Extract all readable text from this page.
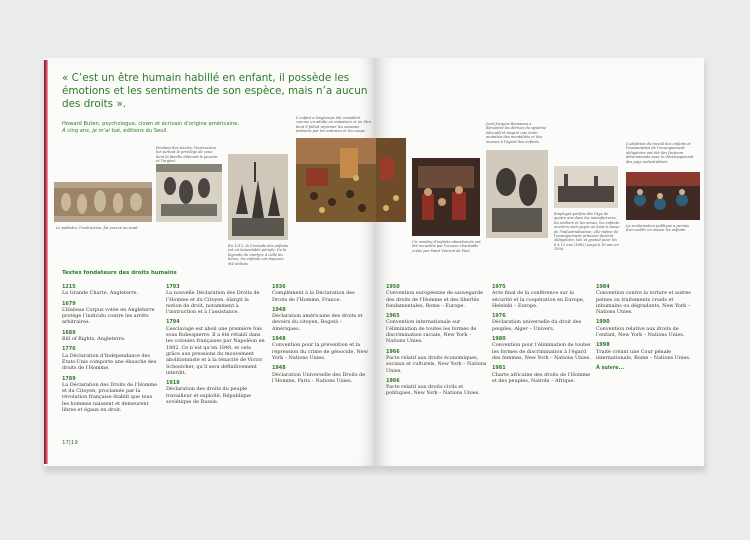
« C’est un être humain habillé en enfant, il possède les émotions et les sentiments de son espèce, mais n’a aucun des droits ».
Howard Buten, psychologue, clown et écrivain d’origine américaine.
À cinq ans, je m’ai tué, éditions du Seuil.
Le pédiatre, l'instruction, fut exercé au seuil.
Pendant des siècles, l'instruction fut surtout le privilège de ceux dont la famille détenait le pouvoir et l'argent.
En 1212, la Croisade des enfants est un lamentable périple. De la légende du martyre à celle du héros, les enfants ont toujours été utilisés.
L'enfant a longtemps été considéré comme un adulte en miniature et un être dont il fallait réprimer les mauvais instincts par les entraves et les coups.
Textes fondateurs des droits humains
1215
La Grande Charte, Angleterre.
1679
L’Habeas Corpus votée en Angleterre protège l’individu contre les arrêts arbitraires.
1689
Bill of Rights, Angleterre.
1776
La Déclaration d’Indépendance des États-Unis comporte une ébauche des droits de l’Homme.
1789
La Déclaration des Droits de l’Homme et du Citoyen, proclamée par la révolution française établit que tous les hommes naissent et demeurent libres et égaux en droit.
1793
La nouvelle Déclaration des Droits de l’Homme et du Citoyen, élargit la notion de droit, notamment à l’instruction et à l’assistance.
1794
L’esclavage est aboli une première fois sous Robespierre. Il a été rétabli dans les colonies françaises par Napoléon en 1802. Ce n’est qu’en 1848, et cela grâce aux pressions du mouvement abolitionniste et à la ténacité de Victor Schoelcher, qu’il sera définitivement interdit.
1918
Déclaration des droits du peuple travailleur et exploité, République soviétique de Russie.
1936
Complément à la Déclaration des Droits de l’Homme, France.
1948
Déclaration américaine des droits et devoirs du citoyen, Bogotá – Amériques.
1948
Convention pour la prévention et la répression du crime de génocide, New York – Nations Unies.
1948
Déclaration Universelle des Droits de l’Homme, Paris – Nations Unies.
17|19
Un nombre d'enfants abandonnés ont été recueillis par l'oeuvre charitable créée par Saint Vincent de Paul.
Jean-Jacques Rousseau a démontré les dérives du système éducatif et inspiré une lente mutation des mentalités et des moeurs à l'égard des enfants.
Employés parfois dès l'âge de quatre ans dans les manufactures, les ateliers et les mines, les enfants ouvriers sont payés au bout à cause de l'industrialisation; elle-même de l'enseignement primaire devient obligatoire, laïc et gratuit pour les 6 à 13 ans (1882) jusqu'à 16 ans en 1936.
L'abolition du travail des enfants et l'instauration de l'enseignement obligatoire ont été des facteurs déterminants pour le développement des pays industrialisés.
1950
Convention européenne de sauvegarde des droits de l’Homme et des libertés fondamentales, Rome – Europe.
1965
Convention internationale sur l’élimination de toutes les formes de discrimination raciale, New York – Nations Unies.
1966
Pacte relatif aux droits économiques, sociaux et culturels, New York – Nations Unies.
1966
Pacte relatif aux droits civils et politiques, New York – Nations Unies.
1975
Acte final de la conférence sur la sécurité et la coopération en Europe, Helsinki – Europe.
1976
Déclaration universelle du droit des peuples, Alger – Univers.
1980
Convention pour l’élimination de toutes les formes de discrimination à l’égard des femmes, New York – Nations Unies.
1981
Charte africaine des droits de l’Homme et des peuples, Nairobi – Afrique.
1984
Convention contre la torture et autres peines ou traitements cruels et inhumains ou dégradants, New York – Nations Unies.
1990
Convention relative aux droits de l’enfant, New York – Nations Unies.
1998
Traité créant une Cour pénale internationale, Rome – Nations Unies.
À suivre...
La scolarisation publique a permis d'accueillir en masse les enfants.
